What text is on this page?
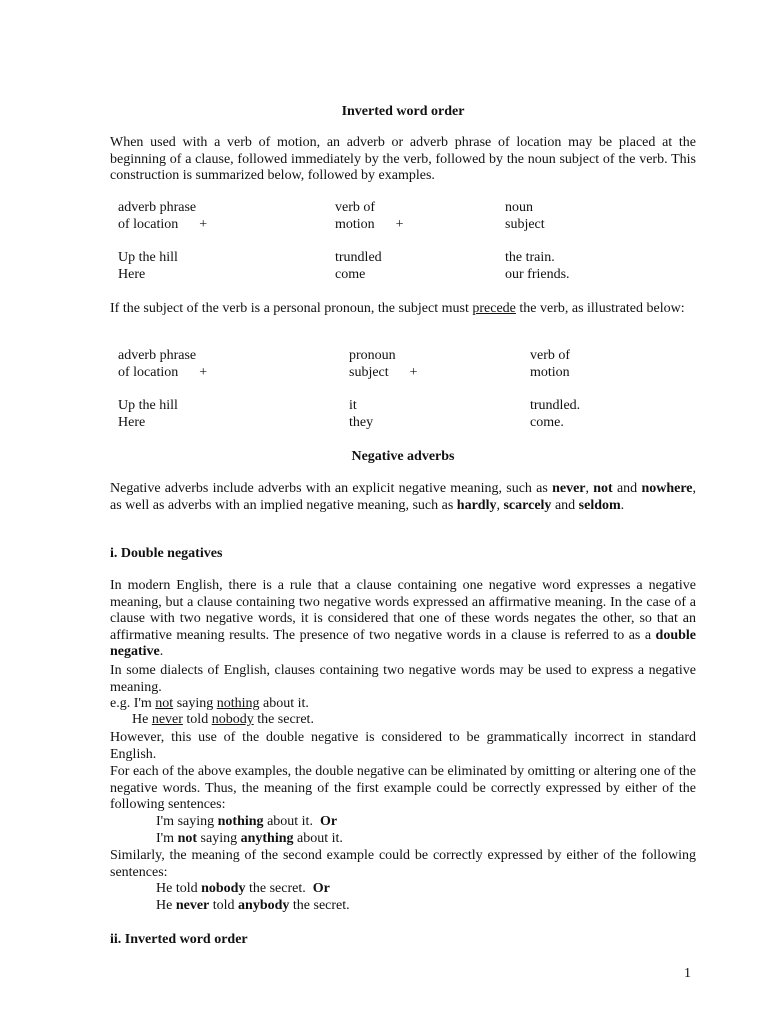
Inverted word order
When used with a verb of motion, an adverb or adverb phrase of location may be placed at the beginning of a clause, followed immediately by the verb, followed by the noun subject of the verb. This construction is summarized below, followed by examples.
adverb phrase	verb of	noun
of location      +	motion      +	subject
Up the hill	trundled	the train.
Here	come	our friends.
If the subject of the verb is a personal pronoun, the subject must precede the verb, as illustrated below:
adverb phrase	pronoun	verb of
of location      +	subject      +	motion
Up the hill	it	trundled.
Here	they	come.
Negative adverbs
Negative adverbs include adverbs with an explicit negative meaning, such as never, not and nowhere, as well as adverbs with an implied negative meaning, such as hardly, scarcely and seldom.
i. Double negatives
In modern English, there is a rule that a clause containing one negative word expresses a negative meaning, but a clause containing two negative words expressed an affirmative meaning. In the case of a clause with two negative words, it is considered that one of these words negates the other, so that an affirmative meaning results. The presence of two negative words in a clause is referred to as a double negative.
In some dialects of English, clauses containing two negative words may be used to express a negative meaning.
e.g. I'm not saying nothing about it.
He never told nobody the secret.
However, this use of the double negative is considered to be grammatically incorrect in standard English.
For each of the above examples, the double negative can be eliminated by omitting or altering one of the negative words. Thus, the meaning of the first example could be correctly expressed by either of the following sentences:
I'm saying nothing about it.  Or
I'm not saying anything about it.
Similarly, the meaning of the second example could be correctly expressed by either of the following sentences:
He told nobody the secret.  Or
He never told anybody the secret.
ii. Inverted word order
1
